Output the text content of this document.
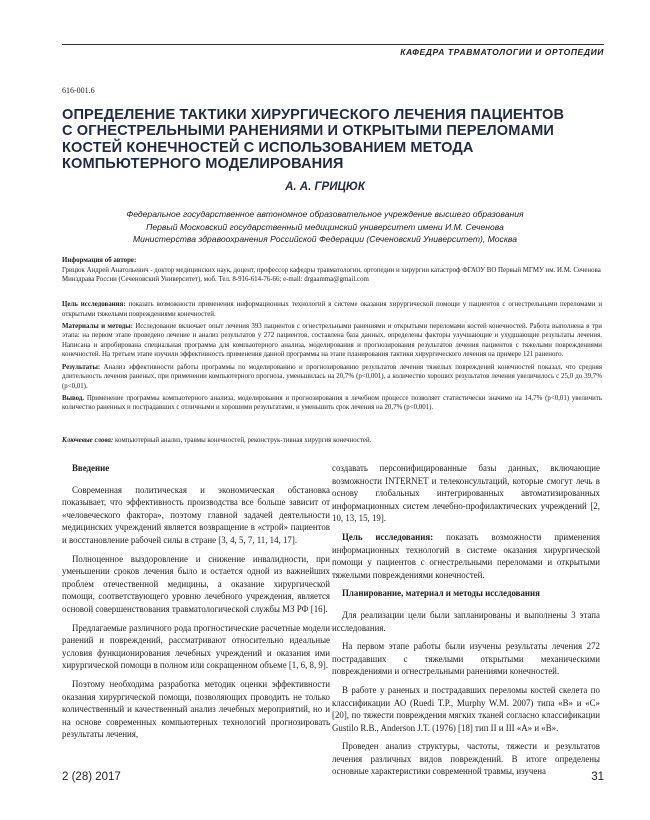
КАФЕДРА ТРАВМАТОЛОГИИ И ОРТОПЕДИИ
616-001.6
ОПРЕДЕЛЕНИЕ ТАКТИКИ ХИРУРГИЧЕСКОГО ЛЕЧЕНИЯ ПАЦИЕНТОВ
С ОГНЕСТРЕЛЬНЫМИ РАНЕНИЯМИ И ОТКРЫТЫМИ ПЕРЕЛОМАМИ
КОСТЕЙ КОНЕЧНОСТЕЙ С ИСПОЛЬЗОВАНИЕМ МЕТОДА
КОМПЬЮТЕРНОГО МОДЕЛИРОВАНИЯ
А. А. ГРИЦЮК
Федеральное государственное автономное образовательное учреждение высшего образования
Первый Московский государственный медицинский университет имени И.М. Сеченова
Министерства здравоохранения Российской Федерации (Сеченовский Университет), Москва
Информация об авторе:
Грицюк Андрей Анатольевич - доктор медицинских наук, доцент, профессор кафедры травматологии, ортопедии и хирургии катастроф ФГАОУ ВО Первый МГМУ им. И.М. Сеченова Минздрава России (Сеченовский Университет), моб. Тел. 8-916-614-76-66; e-mail: drgaamma@gmail.com

Цель исследования: показать возможности применения информационных технологий в системе оказания хирургической помощи у пациентов с огнестрельными переломами и открытыми тяжелыми повреждениями конечностей.

Материалы и методы: Исследование включает опыт лечения 393 пациентов с огнестрельными ранениями и открытыми переломами костей конечностей. Работа выполнена в три этапа: на первом этапе проведено лечение и анализ результатов у 272 пациентов, составлена база данных, определены факторы улучшающие и ухудшающие результаты лечения. Написана и апробирована специальная программа для компьютерного анализа, моделирования и прогнозирования результатов лечения пациентов с тяжелыми повреждениями конечностей. На третьем этапе изучили эффективность применения данной программы на этапе планирования тактики хирургического лечения на примере 121 раненого.

Результаты: Анализ эффективности работы программы по моделированию и прогнозированию результатов лечения тяжелых повреждений конечностей показал, что средняя длительность лечения раненых, при применении компьютерного прогноза, уменьшилась на 20,7% (p<0,001), а количество хороших результатов лечения увеличилось с 25,0 до 39,7% (p<0,01).

Вывод. Применение программы компьютерного анализа, моделирования и прогнозирования в лечебном процессе позволяет статистически значимо на 14,7% (p<0,01) увеличить количество раненных и пострадавших с отличными и хорошими результатами, и уменьшить срок лечения на 20,7% (p<0,001).

Ключевые слова: компьютерный анализ, травмы конечностей, реконструк-тивная хирургия конечностей.
Введение

Современная политическая и экономическая обстановка показывает, что эффективность производства все больше зависит от «человеческого фактора», поэтому главной задачей деятельности медицинских учреждений является возвращение в «строй» пациентов и восстановление рабочей силы в стране [3, 4, 5, 7, 11, 14, 17].

Полноценное выздоровление и снижение инвалидности, при уменьшении сроков лечения было и остается одной из важнейших проблем отечественной медицины, а оказание хирургической помощи, соответствующего уровню лечебного учреждения, является основой совершенствования травматологической службы МЗ РФ [16].

Предлагаемые различного рода прогностические расчетные модели ранений и повреждений, рассматривают относительно идеальные условия функционирования лечебных учреждений и оказания ими хирургической помощи в полном или сокращенном объеме [1, 6, 8, 9].

Поэтому необходима разработка методик оценки эффективности оказания хирургической помощи, позволяющих проводить не только количественный и качественный анализ лечебных мероприятий, но и на основе современных компьютерных технологий прогнозировать результаты лечения,

создавать персонифицированные базы данных, включающие возможности INTERNET и телеконсультаций, которые смогут лечь в основу глобальных интегрированных автоматизированных информационных систем лечебно-профилактических учреждений [2, 10, 13, 15, 19].

Цель исследования: показать возможности применения информационных технологий в системе оказания хирургической помощи у пациентов с огнестрельными переломами и открытыми тяжелыми повреждениями конечностей.

Планирование, материал и методы исследования

Для реализации цели были запланированы и выполнены 3 этапа исследования.

На первом этапе работы были изучены результаты лечения 272 пострадавших с тяжелыми открытыми механическими повреждениями и огнестрельными ранениями конечностей.

В работе у раненых и пострадавших переломы костей скелета по классификации АО (Ruedi T.P., Murphy W.M. 2007) типа «В» и «С» [20], по тяжести повреждения мягких тканей согласно классификации Gustilo R.B., Anderson J.T. (1976) [18] тип II и III «А» и «В».

Проведен анализ структуры, частоты, тяжести и результатов лечения различных видов повреждений. В итоге определены основные характеристики современной травмы, изучена

2 (28) 2017	31
